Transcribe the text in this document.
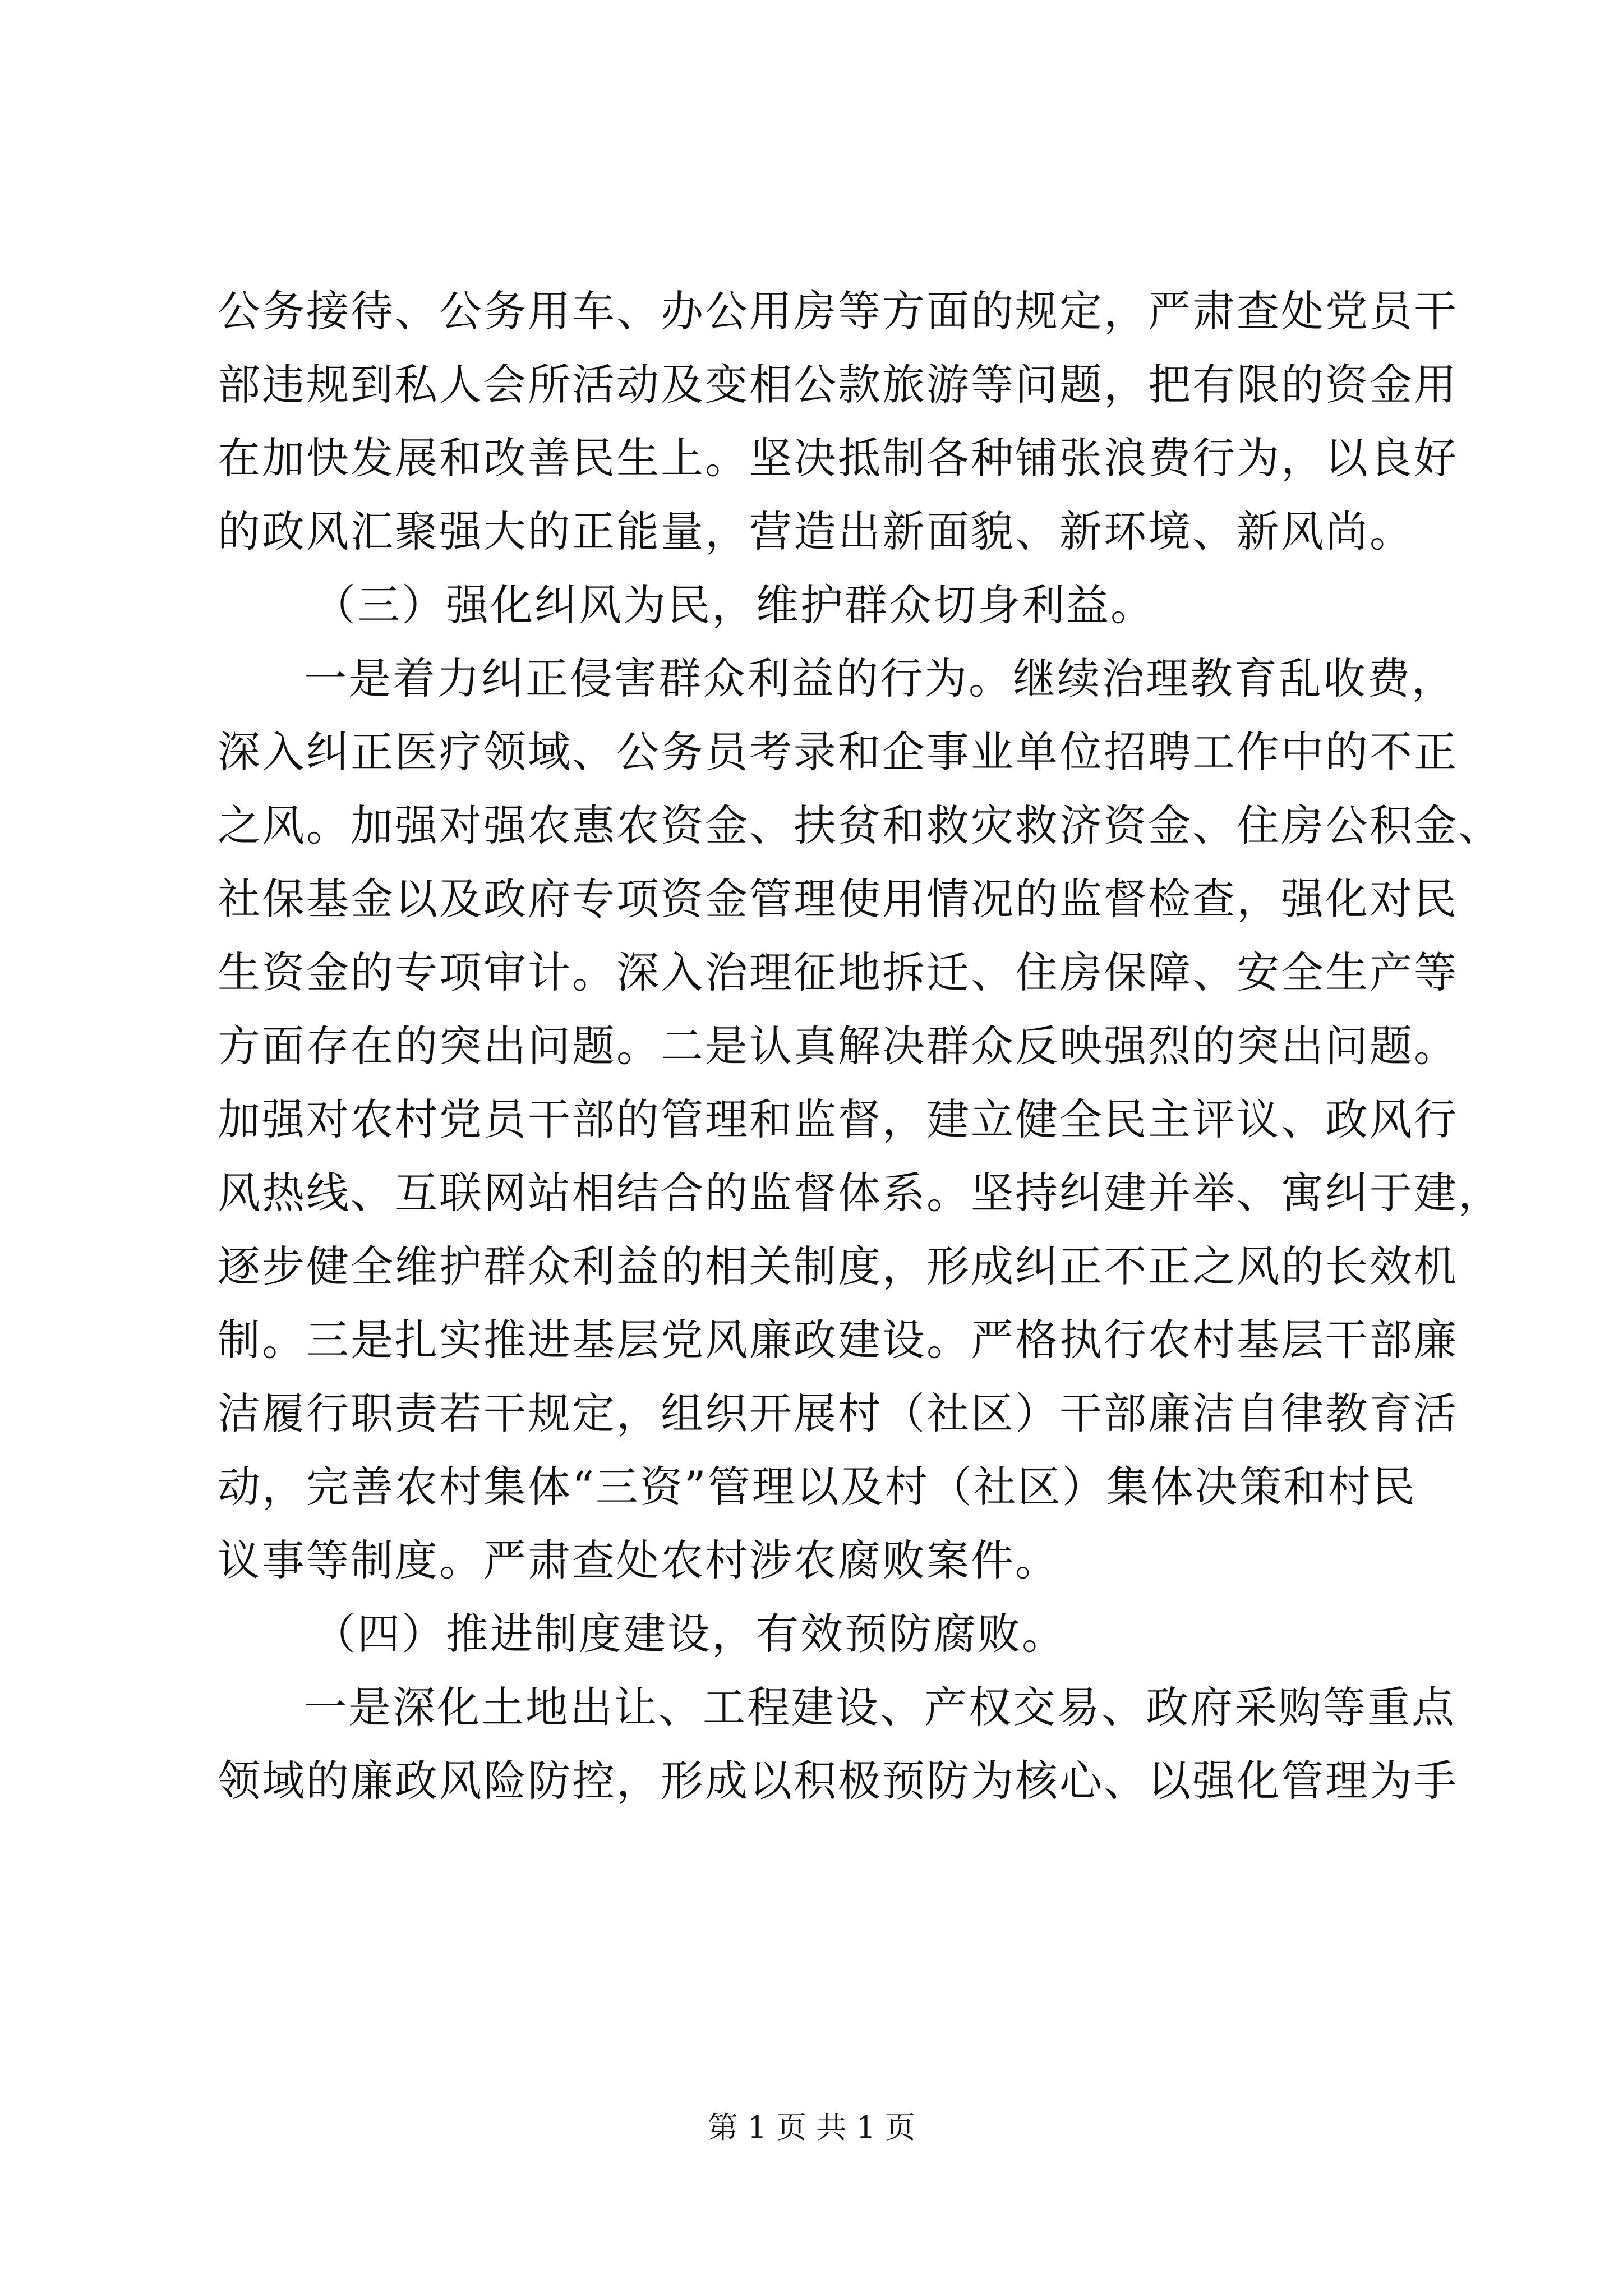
公务接待、公务用车、办公用房等方面的规定，严肃查处党员干
部违规到私人会所活动及变相公款旅游等问题，把有限的资金用
在加快发展和改善民生上。坚决抵制各种铺张浪费行为，以良好
的政风汇聚强大的正能量，营造出新面貌、新环境、新风尚。
（三）强化纠风为民，维护群众切身利益。
一是着力纠正侵害群众利益的行为。继续治理教育乱收费，
深入纠正医疗领域、公务员考录和企事业单位招聘工作中的不正
之风。加强对强农惠农资金、扶贫和救灾救济资金、住房公积金、
社保基金以及政府专项资金管理使用情况的监督检查，强化对民
生资金的专项审计。深入治理征地拆迁、住房保障、安全生产等
方面存在的突出问题。二是认真解决群众反映强烈的突出问题。
加强对农村党员干部的管理和监督，建立健全民主评议、政风行
风热线、互联网站相结合的监督体系。坚持纠建并举、寓纠于建，
逐步健全维护群众利益的相关制度，形成纠正不正之风的长效机
制。三是扎实推进基层党风廉政建设。严格执行农村基层干部廉
洁履行职责若干规定，组织开展村（社区）干部廉洁自律教育活
动，完善农村集体“三资”管理以及村（社区）集体决策和村民
议事等制度。严肃查处农村涉农腐败案件。
（四）推进制度建设，有效预防腐败。
一是深化土地出让、工程建设、产权交易、政府采购等重点
领域的廉政风险防控，形成以积极预防为核心、以强化管理为手
第 1 页 共 1 页
